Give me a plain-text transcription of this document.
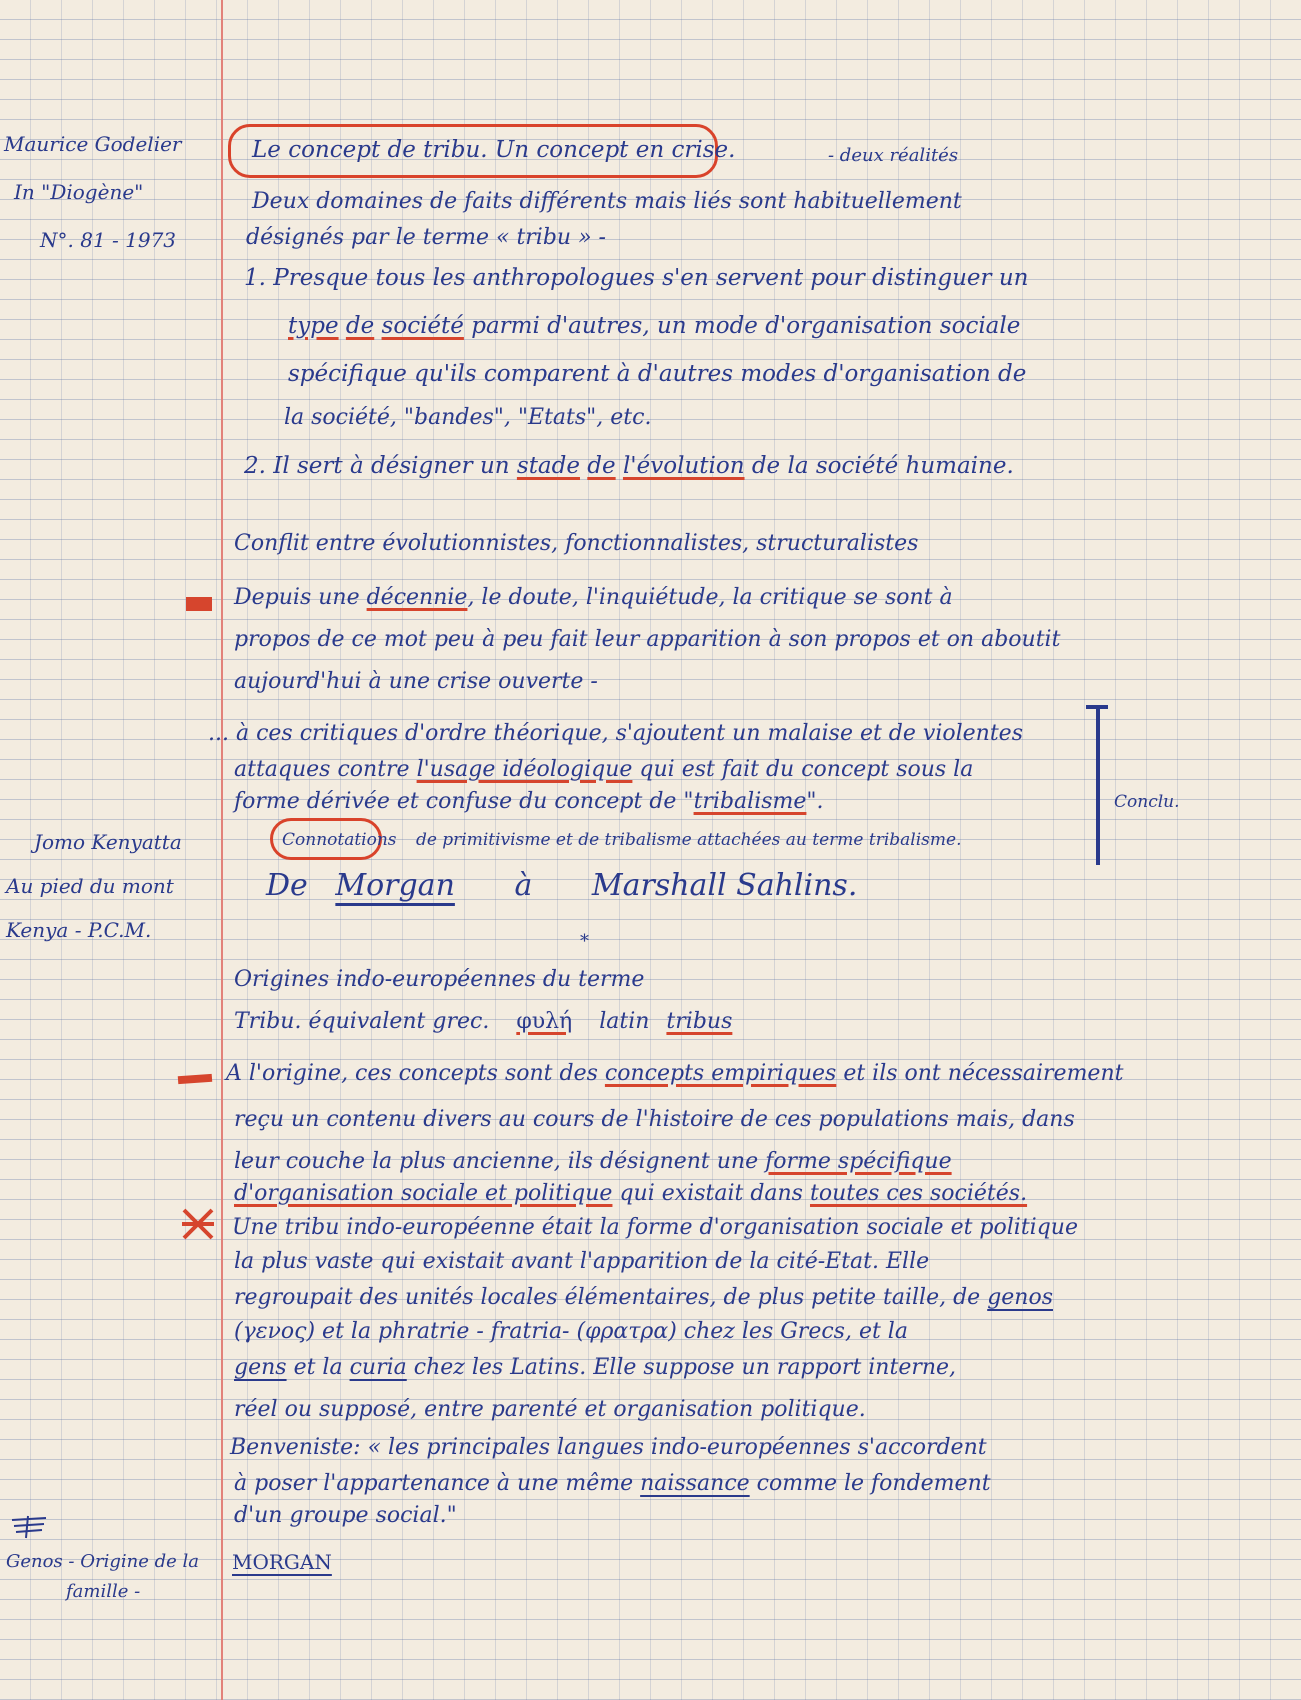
Maurice Godelier
In "Diogène"
N°. 81 - 1973
Jomo Kenyatta
Au pied du mont
Kenya - P.C.M.
Genos - Origine de la
famille -
Le concept de tribu. Un concept en crise.	- deux réalités
Deux domaines de faits différents mais liés sont habituellement
désignés par le terme « tribu » -
1. Presque tous les anthropologues s'en servent pour distinguer un
type de société parmi d'autres, un mode d'organisation sociale
spécifique qu'ils comparent à d'autres modes d'organisation de
la société, "bandes", "Etats", etc.
2. Il sert à désigner un stade de l'évolution de la société humaine.
Conflit entre évolutionnistes, fonctionnalistes, structuralistes
Depuis une décennie, le doute, l'inquiétude, la critique se sont à
propos de ce mot peu à peu fait leur apparition à son propos et on aboutit
aujourd'hui à une crise ouverte -
... à ces critiques d'ordre théorique, s'ajoutent un malaise et de violentes
attaques contre l'usage idéologique qui est fait du concept sous la
forme dérivée et confuse du concept de "tribalisme".	Conclu.
Connotations de primitivisme et de tribalisme attachées au terme tribalisme.
De Morgan à Marshall Sahlins.
*
Origines indo-européennes du terme
Tribu. équivalent grec. φυλή latin tribus
A l'origine, ces concepts sont des concepts empiriques et ils ont nécessairement
reçu un contenu divers au cours de l'histoire de ces populations mais, dans
leur couche la plus ancienne, ils désignent une forme spécifique
d'organisation sociale et politique qui existait dans toutes ces sociétés.
Une tribu indo-européenne était la forme d'organisation sociale et politique
la plus vaste qui existait avant l'apparition de la cité-Etat. Elle
regroupait des unités locales élémentaires, de plus petite taille, de genos
(γενος) et la phratrie - fratria- (φρατρα) chez les Grecs, et la
gens et la curia chez les Latins. Elle suppose un rapport interne,
réel ou supposé, entre parenté et organisation politique.
Benveniste: « les principales langues indo-européennes s'accordent
à poser l'appartenance à une même naissance comme le fondement
d'un groupe social."
MORGAN
